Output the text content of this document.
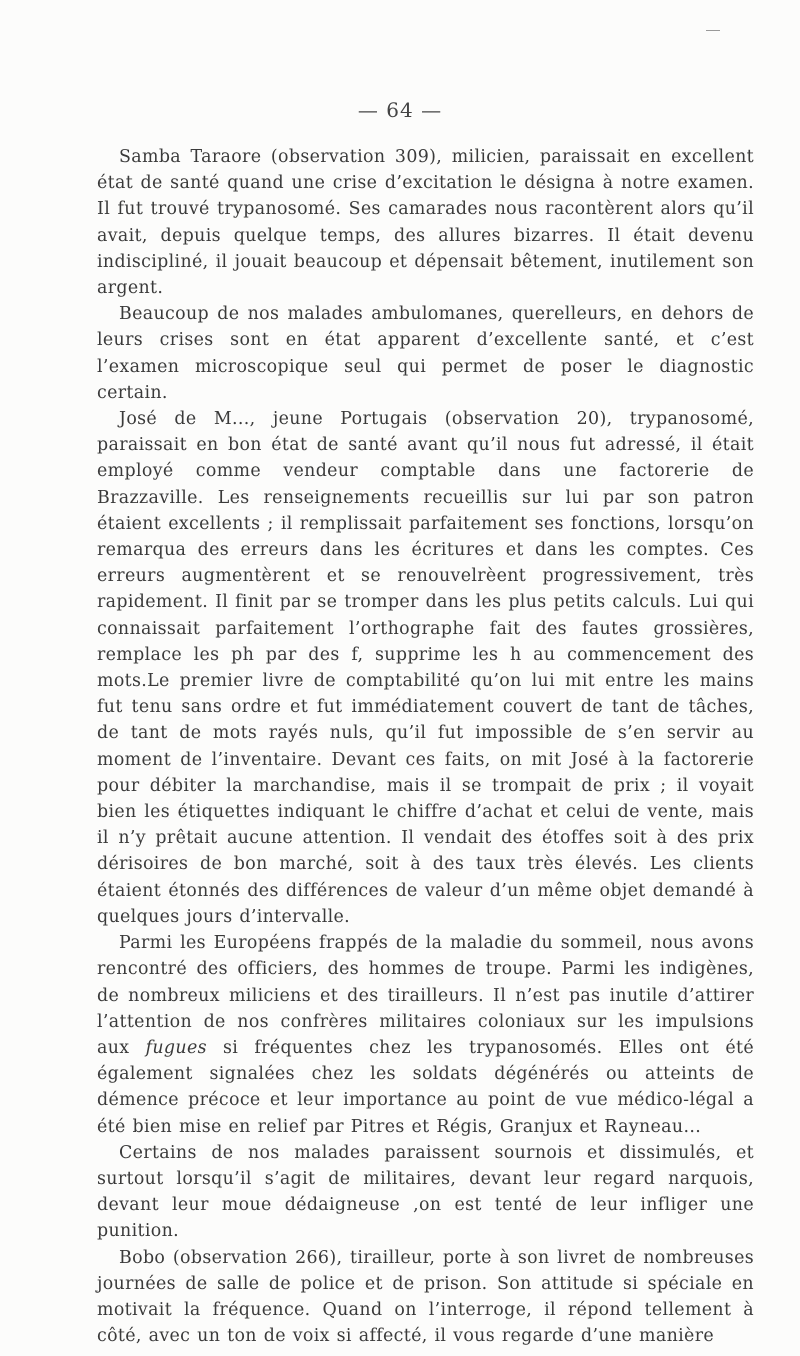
— 64 —

Samba Taraore (observation 309), milicien, paraissait en excellent état de santé quand une crise d’excitation le désigna à notre examen. Il fut trouvé trypanosomé. Ses camarades nous racontèrent alors qu’il avait, depuis quelque temps, des allures bizarres. Il était devenu indiscipliné, il jouait beaucoup et dépensait bêtement, inutilement son argent.

Beaucoup de nos malades ambulomanes, querelleurs, en dehors de leurs crises sont en état apparent d’excellente santé, et c’est l’examen microscopique seul qui permet de poser le diagnostic certain.

José de M..., jeune Portugais (observation 20), trypanosomé, paraissait en bon état de santé avant qu’il nous fut adressé, il était employé comme vendeur comptable dans une factorerie de Brazzaville. Les renseignements recueillis sur lui par son patron étaient excellents ; il remplissait parfaitement ses fonctions, lorsqu’on remarqua des erreurs dans les écritures et dans les comptes. Ces erreurs augmentèrent et se renouvelrèent progressivement, très rapidement. Il finit par se tromper dans les plus petits calculs. Lui qui connaissait parfaitement l’orthographe fait des fautes grossières, remplace les ph par des f, supprime les h au commencement des mots.Le premier livre de comptabilité qu’on lui mit entre les mains fut tenu sans ordre et fut immédiatement couvert de tant de tâches, de tant de mots rayés nuls, qu’il fut impossible de s’en servir au moment de l’inventaire. Devant ces faits, on mit José à la factorerie pour débiter la marchandise, mais il se trompait de prix ; il voyait bien les étiquettes indiquant le chiffre d’achat et celui de vente, mais il n’y prêtait aucune attention. Il vendait des étoffes soit à des prix dérisoires de bon marché, soit à des taux très élevés. Les clients étaient étonnés des différences de valeur d’un même objet demandé à quelques jours d’intervalle.

Parmi les Européens frappés de la maladie du sommeil, nous avons rencontré des officiers, des hommes de troupe. Parmi les indigènes, de nombreux miliciens et des tirailleurs. Il n’est pas inutile d’attirer l’attention de nos confrères militaires coloniaux sur les impulsions aux fugues si fréquentes chez les trypanosomés. Elles ont été également signalées chez les soldats dégénérés ou atteints de démence précoce et leur importance au point de vue médico-légal a été bien mise en relief par Pitres et Régis, Granjux et Rayneau...

Certains de nos malades paraissent sournois et dissimulés, et surtout lorsqu’il s’agit de militaires, devant leur regard narquois, devant leur moue dédaigneuse ,on est tenté de leur infliger une punition.

Bobo (observation 266), tirailleur, porte à son livret de nombreuses journées de salle de police et de prison. Son attitude si spéciale en motivait la fréquence. Quand on l’interroge, il répond tellement à côté, avec un ton de voix si affecté, il vous regarde d’une manière
